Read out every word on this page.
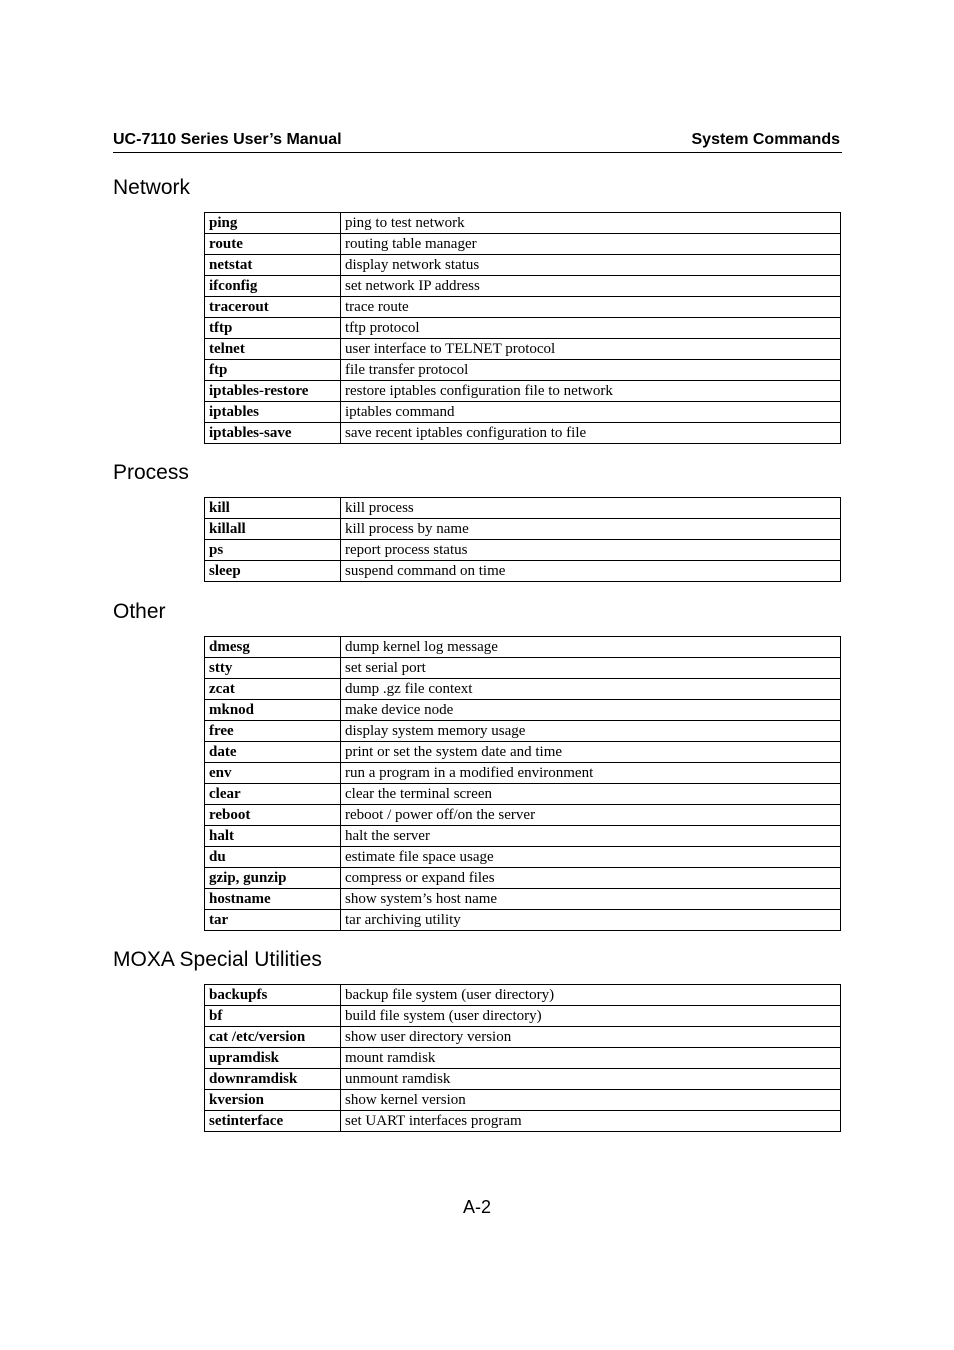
UC-7110 Series User’s Manual	System Commands
Network
ping	ping to test network
route	routing table manager
netstat	display network status
ifconfig	set network IP address
tracerout	trace route
tftp	tftp protocol
telnet	user interface to TELNET protocol
ftp	file transfer protocol
iptables-restore	restore iptables configuration file to network
iptables	iptables command
iptables-save	save recent iptables configuration to file
Process
kill	kill process
killall	kill process by name
ps	report process status
sleep	suspend command on time
Other
dmesg	dump kernel log message
stty	set serial port
zcat	dump .gz file context
mknod	make device node
free	display system memory usage
date	print or set the system date and time
env	run a program in a modified environment
clear	clear the terminal screen
reboot	reboot / power off/on the server
halt	halt the server
du	estimate file space usage
gzip, gunzip	compress or expand files
hostname	show system’s host name
tar	tar archiving utility
MOXA Special Utilities
backupfs	backup file system (user directory)
bf	build file system (user directory)
cat /etc/version	show user directory version
upramdisk	mount ramdisk
downramdisk	unmount ramdisk
kversion	show kernel version
setinterface	set UART interfaces program
A-2
